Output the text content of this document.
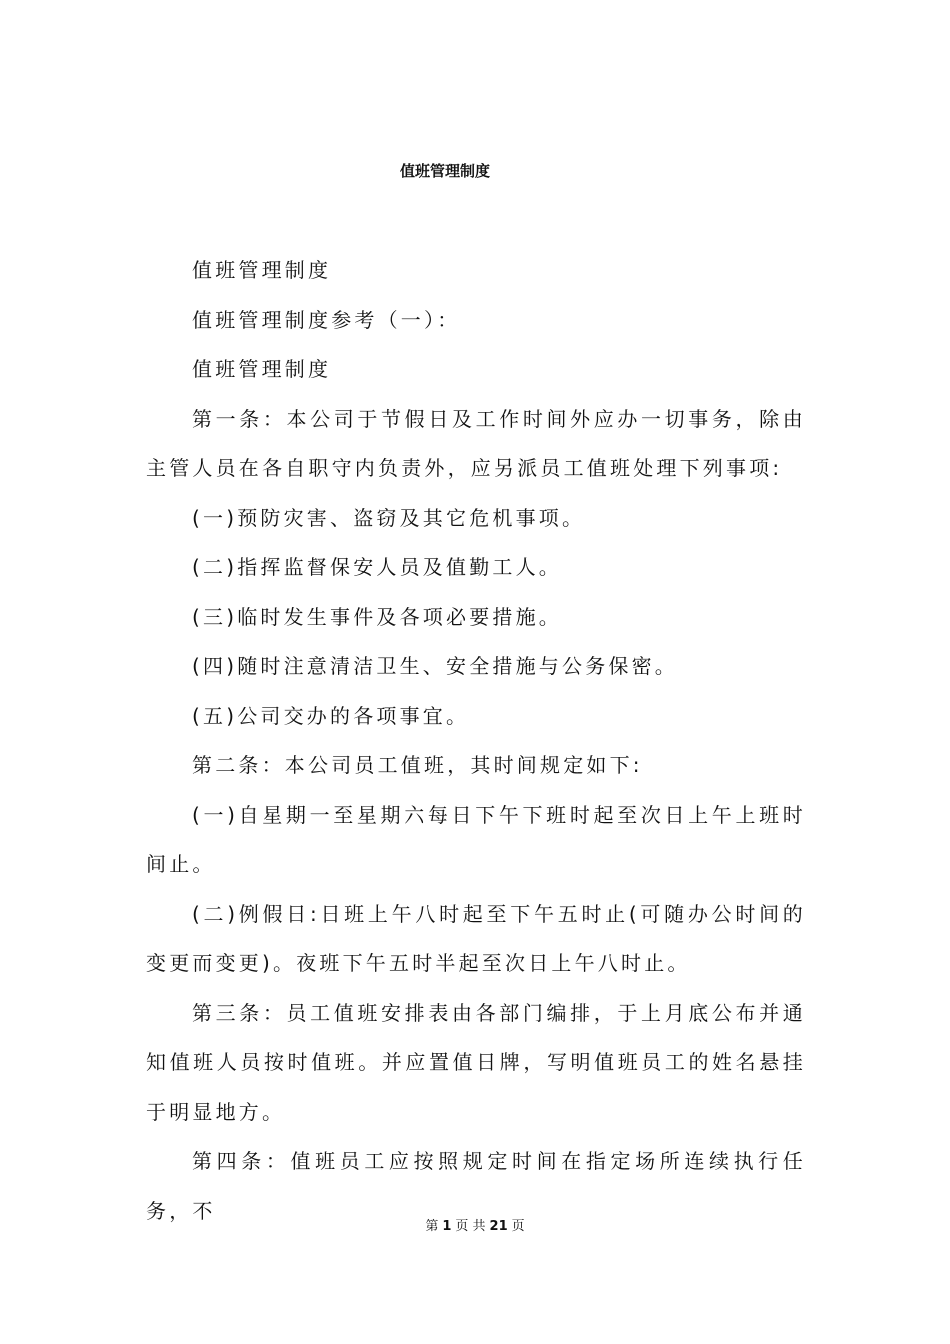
值班管理制度

值班管理制度

值班管理制度参考（一）：

值班管理制度

第一条：本公司于节假日及工作时间外应办一切事务，除由主管人员在各自职守内负责外，应另派员工值班处理下列事项:

(一)预防灾害、盗窃及其它危机事项。

(二)指挥监督保安人员及值勤工人。

(三)临时发生事件及各项必要措施。

(四)随时注意清洁卫生、安全措施与公务保密。

(五)公司交办的各项事宜。

第二条：本公司员工值班，其时间规定如下:

(一)自星期一至星期六每日下午下班时起至次日上午上班时间止。

(二)例假日:日班上午八时起至下午五时止(可随办公时间的变更而变更)。夜班下午五时半起至次日上午八时止。

第三条：员工值班安排表由各部门编排，于上月底公布并通知值班人员按时值班。并应置值日牌，写明值班员工的姓名悬挂于明显地方。

第四条：值班员工应按照规定时间在指定场所连续执行任务，不

第 1 页 共 21 页
